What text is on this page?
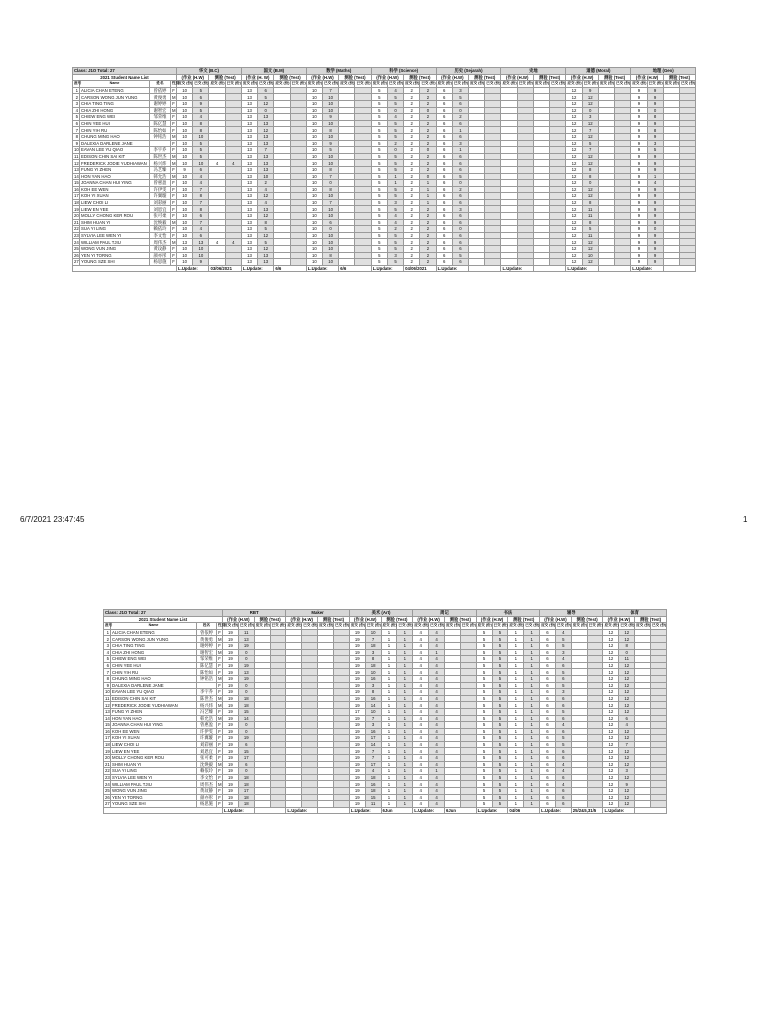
Class: J1O Total: 27				华文 (B.C)				国文 (B.M)				数学 (Maths)				科学 (Science)				历史 (Sejarah)				史地				道德 (Moral)				地理 (Geo)			
2021 Student Name List				(作业 (H.W)		测验 (Test)		(作业 (H. W)		测验 (Test)		(作业 (H.W)		测验 (Test)		(作业 (H.W)		测验 (Test)		(作业 (H.W)		测验 (Test)		(作业 (H.W)		测验 (Test)		(作业 (H.W)		测验 (Test)		(作业 (H.W)		测验 (Test)	
座号	Name	姓名	性别	应交 (份)	已交 (份)	应交 (份)	已交 (份)	应交 (份)	已交 (份)	应交 (份)	已交 (份)	应交 (份)	已交 (份)	应交 (份)	已交 (份)	应交 (份)	已交 (份)	应交 (份)	已交 (份)	应交 (份)	已交 (份)	应交 (份)	已交 (份)	应交 (份)	已交 (份)	应交 (份)	已交 (份)	应交 (份)	已交 (份)	应交 (份)	已交 (份)	应交 (份)	已交 (份)	应交 (份)	已交 (份)
1	ALICIA CHAN ETENG	曾依婷	F	10	5			13	6			10	7			5	4	2	2	6	3							12	9			9	9		
2	CARSON WONG JUN YUNG	黄俊勇	M	10	6			13	5			10	10			5	5	2	2	6	5							12	12			9	9		
3	CHIA TING TING	谢婷婷	F	10	9			13	12			10	10			5	5	2	2	6	6							12	12			9	9		
4	CHIA ZHI HONG	谢智宏	M	10	5			13	0			10	10			5	0	2	0	6	0							12	0			9	0		
5	CHIEW ENG WEI	邹荣维	F	10	4			13	13			10	9			5	4	2	2	6	2							12	3			9	8		
6	CHIN YEE HUI	陈亿慧	F	10	8			13	13			10	10			5	5	2	2	6	6							12	12			9	9		
7	CHIN YIH RU	陈怡如	F	10	8			13	12			10	8			5	5	2	2	6	1							12	7			9	8		
8	CHUNG MING HAO	钟铭浩	M	10	10			13	13			10	10			5	5	2	2	6	6							12	12			9	9		
9	DALEXIA DARLENE JANE		F	10	5			13	13			10	9			5	2	2	2	6	3							12	5			9	3		
10	EAVAN LEE YU QIAO	李宇乔	F	10	5			13	7			10	5			5	0	2	0	6	1							12	7			9	5		
11	EDISON CHIN SAI KIT	陈世杰	M	10	5			13	13			10	10			5	5	2	2	6	6							12	12			9	9		
12	FREDERICK JODIE YUDHIAWAN	杨兴炜	M	10	10	4	4	13	13			10	10			5	5	2	2	6	6							12	12			9	9		
13	FUNG YI ZHEN	冯艺臻	F	9	6			13	13			10	8			5	5	2	2	6	6							12	8			9	9		
14	HON YAN HAO	韩允浩	M	10	4			13	10			10	7			5	1	2	0	6	5							12	8			9	1		
15	JOANNA CHAN HUI YING	曾惠盈	F	10	4			13	2			10	0			5	1	2	1	6	0							12	0			9	4		
16	KOH EE WEN	许伊雯	F	10	7			13	4			10	8			5	5	2	1	6	2							12	12			9	9		
17	KOH YI XUAN	许翼璇	F	10	8			13	12			10	10			5	5	2	1	6	6							12	12			9	9		
18	LIEW CHOI LI	刘彩丽	F	10	7			13	4			10	7			5	3	2	1	6	6							12	8			9	9		
19	LIEW EN YEE	刘恩宜	F	10	8			13	13			10	10			5	5	2	2	6	3							12	11			9	9		
20	MOLLY CHONG KER ROU	张可柔	F	10	6			13	12			10	10			5	4	2	2	6	6							12	11			9	9		
21	SHIM HUAN YI	沈焕毅	M	10	7			13	8			10	6			5	4	2	2	6	6							12	8			9	9		
22	SUA YI LING	赖依玲	F	10	4			13	5			10	0			5	2	2	2	6	0							12	5			9	0		
23	SYLVIA LEE WEN YI	李文怡	F	10	6			13	12			10	10			5	5	2	2	6	6							12	11			9	9		
24	WILLIAM PAUL TJIU	周伟杰	M	13	13	4	4	13	5			10	10			5	5	2	2	6	6							12	12			9	9		
25	WONG VUN JING	黄玟静	F	10	10			13	12			10	10			5	5	2	2	6	6							12	12			9	9		
26	YEN YI TORNG	颜亦彤	F	10	10			13	13			10	8			5	3	2	2	6	5							12	10			9	9		
27	YOUNG SZE SHI	杨思施	F	10	9			13	13			10	10			5	5	2	2	6	6							12	12			9	9		
				L.Update:		03/06/2021		L.Update:		6/6		L.Update:		6/6		L.Update:		04/06/2021		L.Update:				L.Update:				L.Update:				L.Update:			
6/7/2021 23:47:45	1
Class: J1O Total: 27				RBT				Maker				美术 (Art)				周记				书法				辅导				体育			
2021 Student Name List				(作业 (H.W)		测验 (Test)		(作业 (H.W)		测验 (Test)		(作业 (H.W)		测验 (Test)		(作业 (H.W)		测验 (Test)		(作业 (H.W)		测验 (Test)		(作业 (H.W)		测验 (Test)		(作业 (H.W)		测验 (Test)	
座号	Name	姓名	性别	应交 (份)	已交 (份)	应交 (份)	已交 (份)	应交 (份)	已交 (份)	应交 (份)	已交 (份)	应交 (份)	已交 (份)	应交 (份)	已交 (份)	应交 (份)	已交 (份)	应交 (份)	已交 (份)	应交 (份)	已交 (份)	应交 (份)	已交 (份)	应交 (份)	已交 (份)	应交 (份)	已交 (份)	应交 (份)	已交 (份)	应交 (份)	已交 (份)
1	ALICIA CHAN ETENG	曾依婷	F	19	11							19	10	1	1	4	4			5	5	1	1	6	4			12	12		
2	CARSON WONG JUN YUNG	黄俊勇	M	19	13							19	7	1	1	4	4			5	5	1	1	6	5			12	12		
3	CHIA TING TING	谢婷婷	F	19	19							19	18	1	1	4	4			5	5	1	1	6	5			12	8		
4	CHIA ZHI HONG	谢智宏	M	19	0							19	3	1	1	4	1			5	5	1	1	6	3			12	0		
5	CHIEW ENG WEI	邹荣维	F	19	0							19	8	1	1	4	4			5	5	1	1	6	4			12	11		
6	CHIN YEE HUI	陈亿慧	F	19	19							19	18	1	1	4	4			5	5	1	1	6	6			12	12		
7	CHIN YIH RU	陈怡如	F	19	13							19	10	1	1	4	4			5	5	1	1	6	5			12	12		
8	CHUNG MING HAO	钟铭浩	M	19	19							19	16	1	1	4	4			5	5	1	1	6	6			12	12		
9	DALEXIA DARLENE JANE		F	19	0							19	3	1	1	4	4			5	5	1	1	6	5			12	12		
10	EAVAN LEE YU QIAO	李宇乔	F	19	0							19	8	1	1	4	4			5	5	1	1	6	3			12	12		
11	EDISON CHIN SAI KIT	陈世杰	M	19	18							19	16	1	1	4	4			5	5	1	1	6	6			12	12		
12	FREDERICK JODIE YUDHIAWAN	杨兴炜	M	19	18							19	14	1	1	4	4			5	5	1	1	6	6			12	12		
13	FUNG YI ZHEN	冯艺臻	F	19	15							17	10	1	1	4	4			5	5	1	1	6	5			12	12		
14	HON YAN HAO	韩允浩	M	19	14							19	7	1	1	4	4			5	5	1	1	6	6			12	6		
15	JOANNA CHAN HUI YING	曾惠盈	F	19	0							19	3	1	1	4	4			5	5	1	1	6	4			12	4		
16	KOH EE WEN	许伊雯	F	19	0							19	16	1	1	4	4			5	5	1	1	6	6			12	12		
17	KOH YI XUAN	许翼璇	F	19	19							19	17	1	1	4	4			5	5	1	1	6	5			12	12		
18	LIEW CHOI LI	刘彩丽	F	19	6							19	14	1	1	4	4			5	5	1	1	6	5			12	7		
19	LIEW EN YEE	刘恩宜	F	19	15							19	7	1	1	4	4			5	5	1	1	6	6			12	12		
20	MOLLY CHONG KER ROU	张可柔	F	19	17							19	7	1	1	4	4			5	5	1	1	6	6			12	12		
21	SHIM HUAN YI	沈焕毅	M	19	6							19	17	1	1	4	4			5	5	1	1	6	4			12	12		
22	SUA YI LING	赖依玲	F	19	0							19	4	1	1	4	1			5	5	1	1	6	4			12	3		
23	SYLVIA LEE WEN YI	李文怡	F	19	18							19	18	1	1	4	4			5	5	1	1	6	6			12	12		
24	WILLIAM PAUL TJIU	周伟杰	M	19	18							19	16	1	1	4	4			5	5	1	1	6	4			12	9		
25	WONG VUN JING	黄玟静	F	19	17							19	18	1	1	4	4			5	5	1	1	6	6			12	12		
26	YEN YI TORNG	颜亦彤	F	19	18							19	15	1	1	4	4			5	5	1	1	6	6			12	12		
27	YOUNG SZE SHI	杨思施	F	19	18							19	11	1	1	4	4			5	5	1	1	6	6			12	12		
				L.Update:				L.Update:				L.Update:		6Jun		L.Update:		6Jun		L.Update:		04/06		L.Update:		25/2&5,31/5		L.Update:			
